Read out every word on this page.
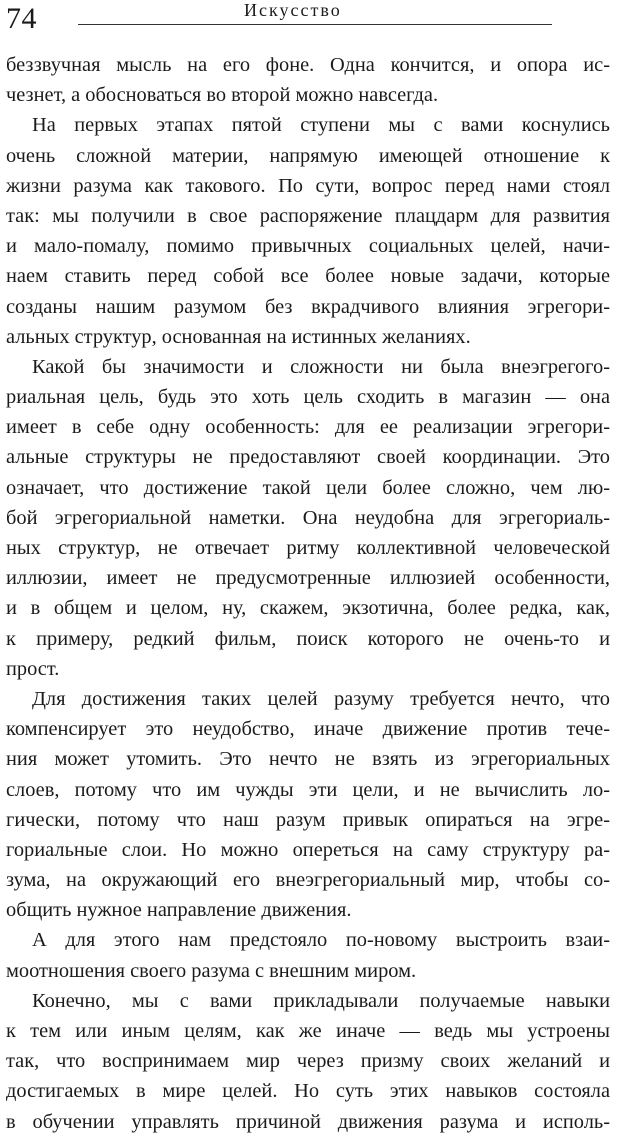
74	Искусство
беззвучная мысль на его фоне. Одна кончится, и опора ис-
чезнет, а обосноваться во второй можно навсегда.
На первых этапах пятой ступени мы с вами коснулись
очень сложной материи, напрямую имеющей отношение к
жизни разума как такового. По сути, вопрос перед нами стоял
так: мы получили в свое распоряжение плацдарм для развития
и мало-помалу, помимо привычных социальных целей, начи-
наем ставить перед собой все более новые задачи, которые
созданы нашим разумом без вкрадчивого влияния эгрегори-
альных структур, основанная на истинных желаниях.
Какой бы значимости и сложности ни была внеэгрегого-
риальная цель, будь это хоть цель сходить в магазин — она
имеет в себе одну особенность: для ее реализации эгрегори-
альные структуры не предоставляют своей координации. Это
означает, что достижение такой цели более сложно, чем лю-
бой эгрегориальной наметки. Она неудобна для эгрегориаль-
ных структур, не отвечает ритму коллективной человеческой
иллюзии, имеет не предусмотренные иллюзией особенности,
и в общем и целом, ну, скажем, экзотична, более редка, как,
к примеру, редкий фильм, поиск которого не очень-то и
прост.
Для достижения таких целей разуму требуется нечто, что
компенсирует это неудобство, иначе движение против тече-
ния может утомить. Это нечто не взять из эгрегориальных
слоев, потому что им чужды эти цели, и не вычислить ло-
гически, потому что наш разум привык опираться на эгре-
гориальные слои. Но можно опереться на саму структуру ра-
зума, на окружающий его внеэгрегориальный мир, чтобы со-
общить нужное направление движения.
А для этого нам предстояло по-новому выстроить взаи-
моотношения своего разума с внешним миром.
Конечно, мы с вами прикладывали получаемые навыки
к тем или иным целям, как же иначе — ведь мы устроены
так, что воспринимаем мир через призму своих желаний и
достигаемых в мире целей. Но суть этих навыков состояла
в обучении управлять причиной движения разума и исполь-
